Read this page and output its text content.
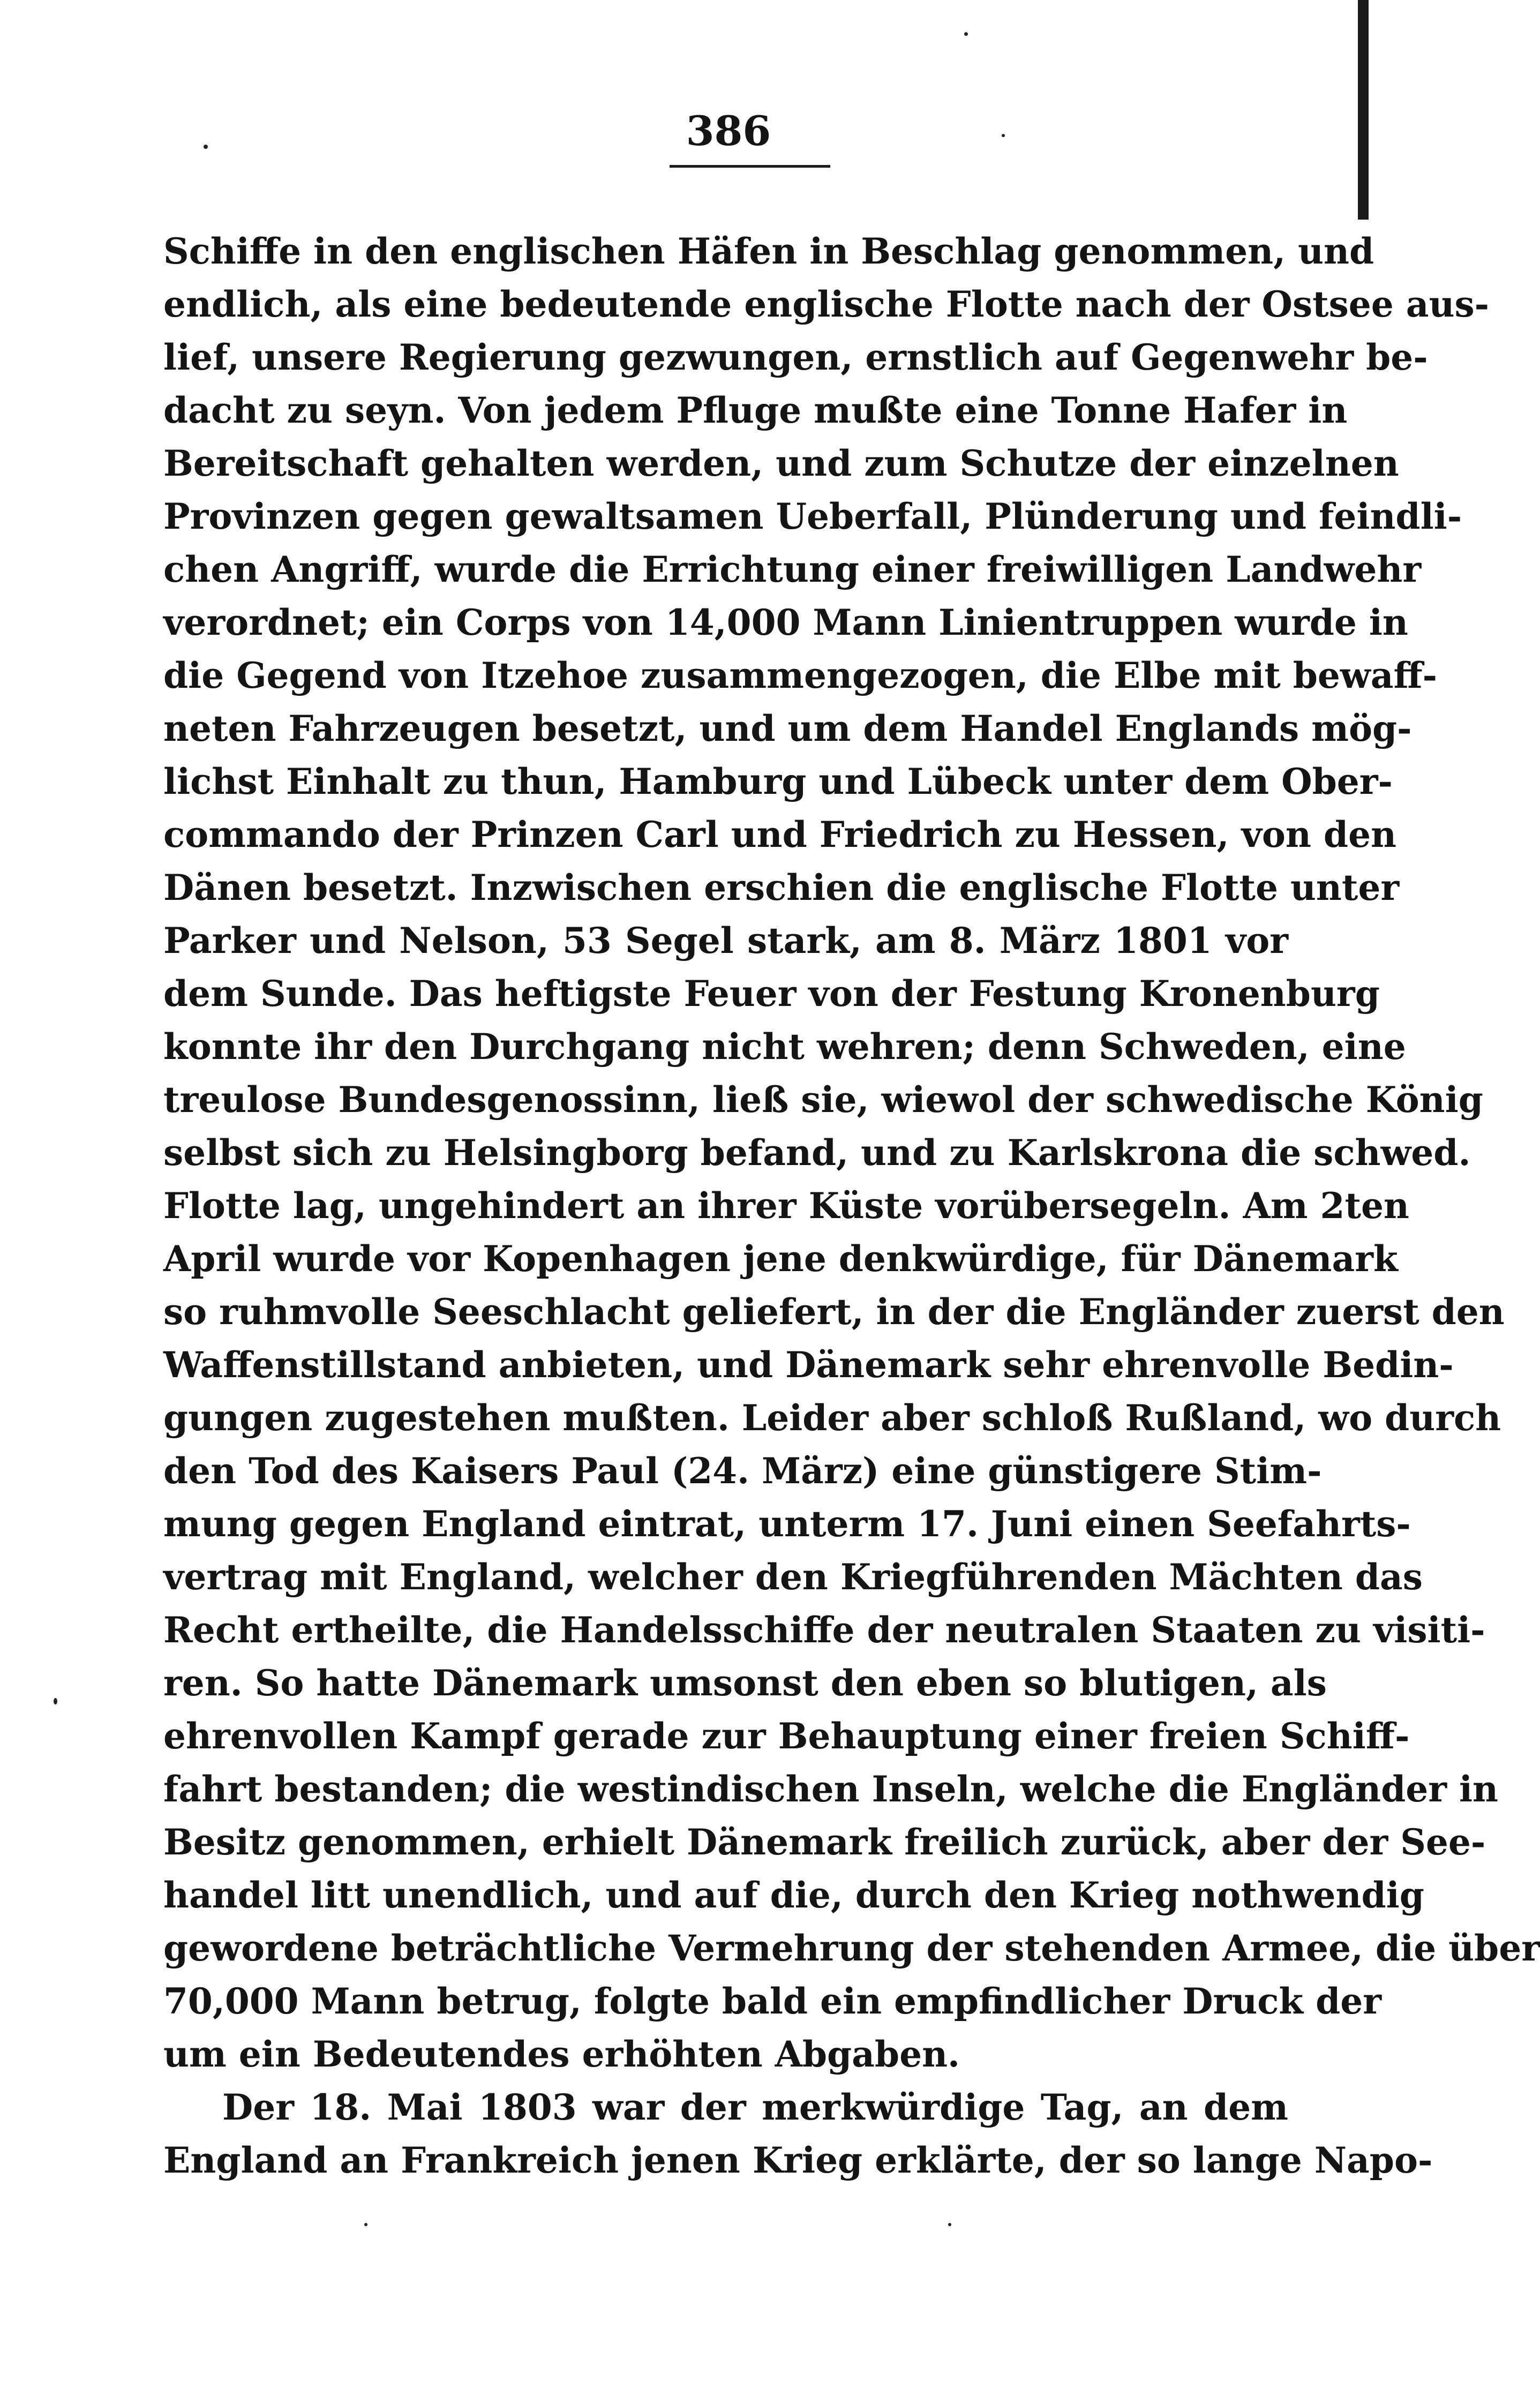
386
Schiffe in den englischen Häfen in Beschlag genommen, und
endlich, als eine bedeutende englische Flotte nach der Ostsee aus-
lief, unsere Regierung gezwungen, ernstlich auf Gegenwehr be-
dacht zu seyn. Von jedem Pfluge mußte eine Tonne Hafer in
Bereitschaft gehalten werden, und zum Schutze der einzelnen
Provinzen gegen gewaltsamen Ueberfall, Plünderung und feindli-
chen Angriff, wurde die Errichtung einer freiwilligen Landwehr
verordnet; ein Corps von 14,000 Mann Linientruppen wurde in
die Gegend von Itzehoe zusammengezogen, die Elbe mit bewaff-
neten Fahrzeugen besetzt, und um dem Handel Englands mög-
lichst Einhalt zu thun, Hamburg und Lübeck unter dem Ober-
commando der Prinzen Carl und Friedrich zu Hessen, von den
Dänen besetzt. Inzwischen erschien die englische Flotte unter
Parker und Nelson, 53 Segel stark, am 8. März 1801 vor
dem Sunde. Das heftigste Feuer von der Festung Kronenburg
konnte ihr den Durchgang nicht wehren; denn Schweden, eine
treulose Bundesgenossinn, ließ sie, wiewol der schwedische König
selbst sich zu Helsingborg befand, und zu Karlskrona die schwed.
Flotte lag, ungehindert an ihrer Küste vorübersegeln. Am 2ten
April wurde vor Kopenhagen jene denkwürdige, für Dänemark
so ruhmvolle Seeschlacht geliefert, in der die Engländer zuerst den
Waffenstillstand anbieten, und Dänemark sehr ehrenvolle Bedin-
gungen zugestehen mußten. Leider aber schloß Rußland, wo durch
den Tod des Kaisers Paul (24. März) eine günstigere Stim-
mung gegen England eintrat, unterm 17. Juni einen Seefahrts-
vertrag mit England, welcher den Kriegführenden Mächten das
Recht ertheilte, die Handelsschiffe der neutralen Staaten zu visiti-
ren. So hatte Dänemark umsonst den eben so blutigen, als
ehrenvollen Kampf gerade zur Behauptung einer freien Schiff-
fahrt bestanden; die westindischen Inseln, welche die Engländer in
Besitz genommen, erhielt Dänemark freilich zurück, aber der See-
handel litt unendlich, und auf die, durch den Krieg nothwendig
gewordene beträchtliche Vermehrung der stehenden Armee, die über
70,000 Mann betrug, folgte bald ein empfindlicher Druck der
um ein Bedeutendes erhöhten Abgaben.
Der 18. Mai 1803 war der merkwürdige Tag, an dem
England an Frankreich jenen Krieg erklärte, der so lange Napo-
